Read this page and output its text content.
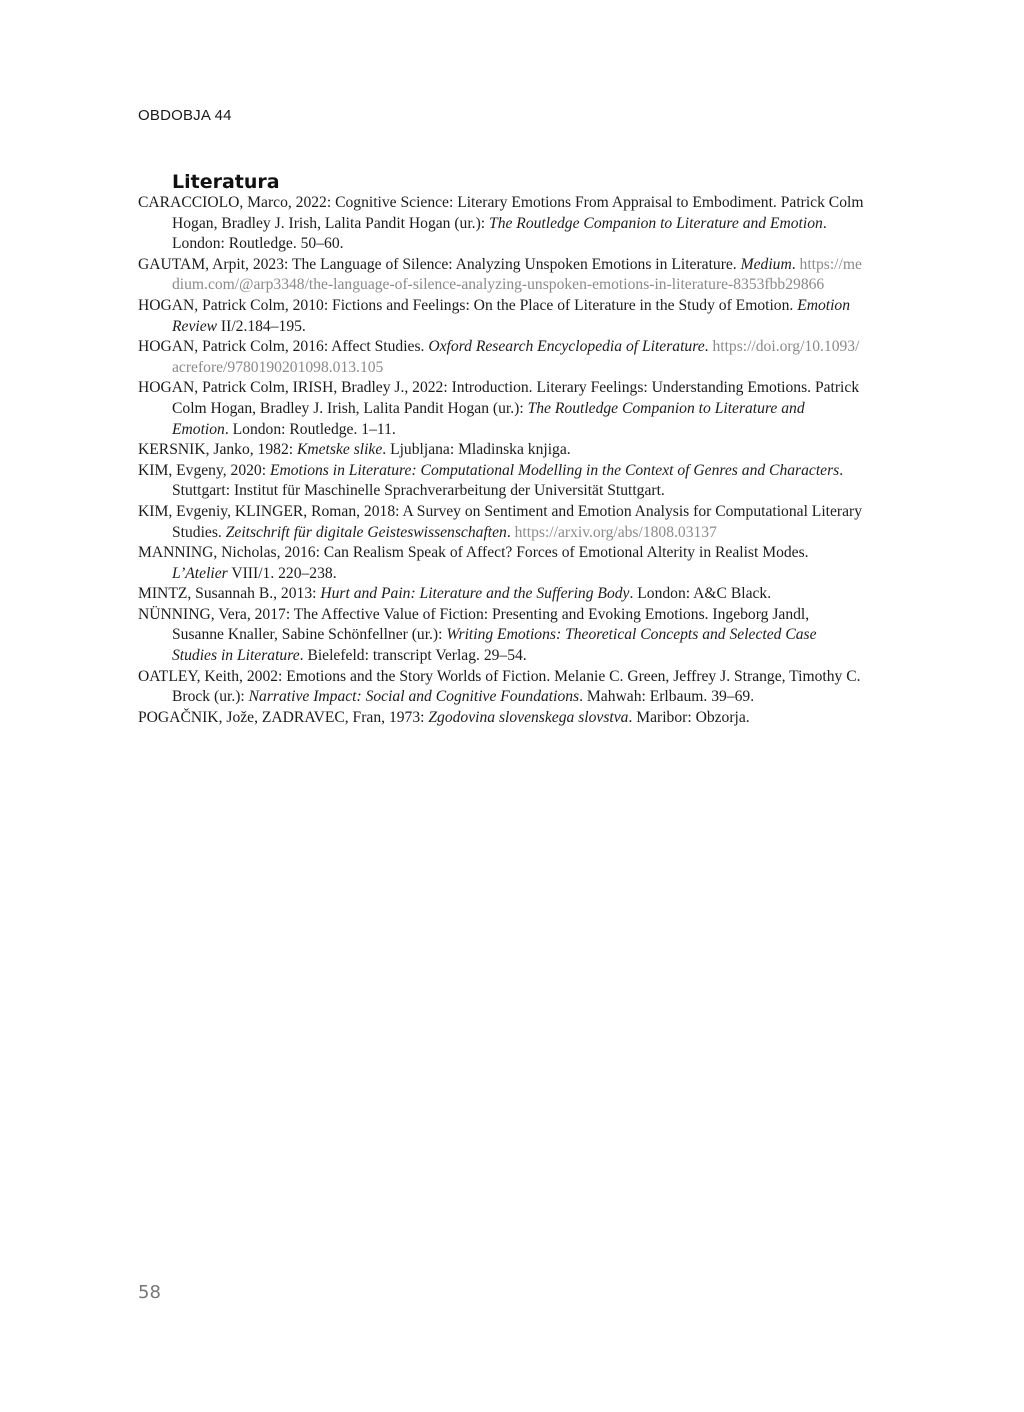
OBDOBJA 44
Literatura
CARACCIOLO, Marco, 2022: Cognitive Science: Literary Emotions From Appraisal to Embodiment. Patrick Colm Hogan, Bradley J. Irish, Lalita Pandit Hogan (ur.): The Routledge Companion to Literature and Emotion. London: Routledge. 50–60.
GAUTAM, Arpit, 2023: The Language of Silence: Analyzing Unspoken Emotions in Literature. Medium. https://medium.com/@arp3348/the-language-of-silence-analyzing-unspoken-emotions-in-literature-8353fbb29866
HOGAN, Patrick Colm, 2010: Fictions and Feelings: On the Place of Literature in the Study of Emotion. Emotion Review II/2.184–195.
HOGAN, Patrick Colm, 2016: Affect Studies. Oxford Research Encyclopedia of Literature. https://doi.org/10.1093/acrefore/9780190201098.013.105
HOGAN, Patrick Colm, IRISH, Bradley J., 2022: Introduction. Literary Feelings: Understanding Emotions. Patrick Colm Hogan, Bradley J. Irish, Lalita Pandit Hogan (ur.): The Routledge Companion to Literature and Emotion. London: Routledge. 1–11.
KERSNIK, Janko, 1982: Kmetske slike. Ljubljana: Mladinska knjiga.
KIM, Evgeny, 2020: Emotions in Literature: Computational Modelling in the Context of Genres and Characters. Stuttgart: Institut für Maschinelle Sprachverarbeitung der Universität Stuttgart.
KIM, Evgeniy, KLINGER, Roman, 2018: A Survey on Sentiment and Emotion Analysis for Computational Literary Studies. Zeitschrift für digitale Geisteswissenschaften. https://arxiv.org/abs/1808.03137
MANNING, Nicholas, 2016: Can Realism Speak of Affect? Forces of Emotional Alterity in Realist Modes. L’Atelier VIII/1. 220–238.
MINTZ, Susannah B., 2013: Hurt and Pain: Literature and the Suffering Body. London: A&C Black.
NÜNNING, Vera, 2017: The Affective Value of Fiction: Presenting and Evoking Emotions. Ingeborg Jandl, Susanne Knaller, Sabine Schönfellner (ur.): Writing Emotions: Theoretical Concepts and Selected Case Studies in Literature. Bielefeld: transcript Verlag. 29–54.
OATLEY, Keith, 2002: Emotions and the Story Worlds of Fiction. Melanie C. Green, Jeffrey J. Strange, Timothy C. Brock (ur.): Narrative Impact: Social and Cognitive Foundations. Mahwah: Erlbaum. 39–69.
POGAČNIK, Jože, ZADRAVEC, Fran, 1973: Zgodovina slovenskega slovstva. Maribor: Obzorja.
58
